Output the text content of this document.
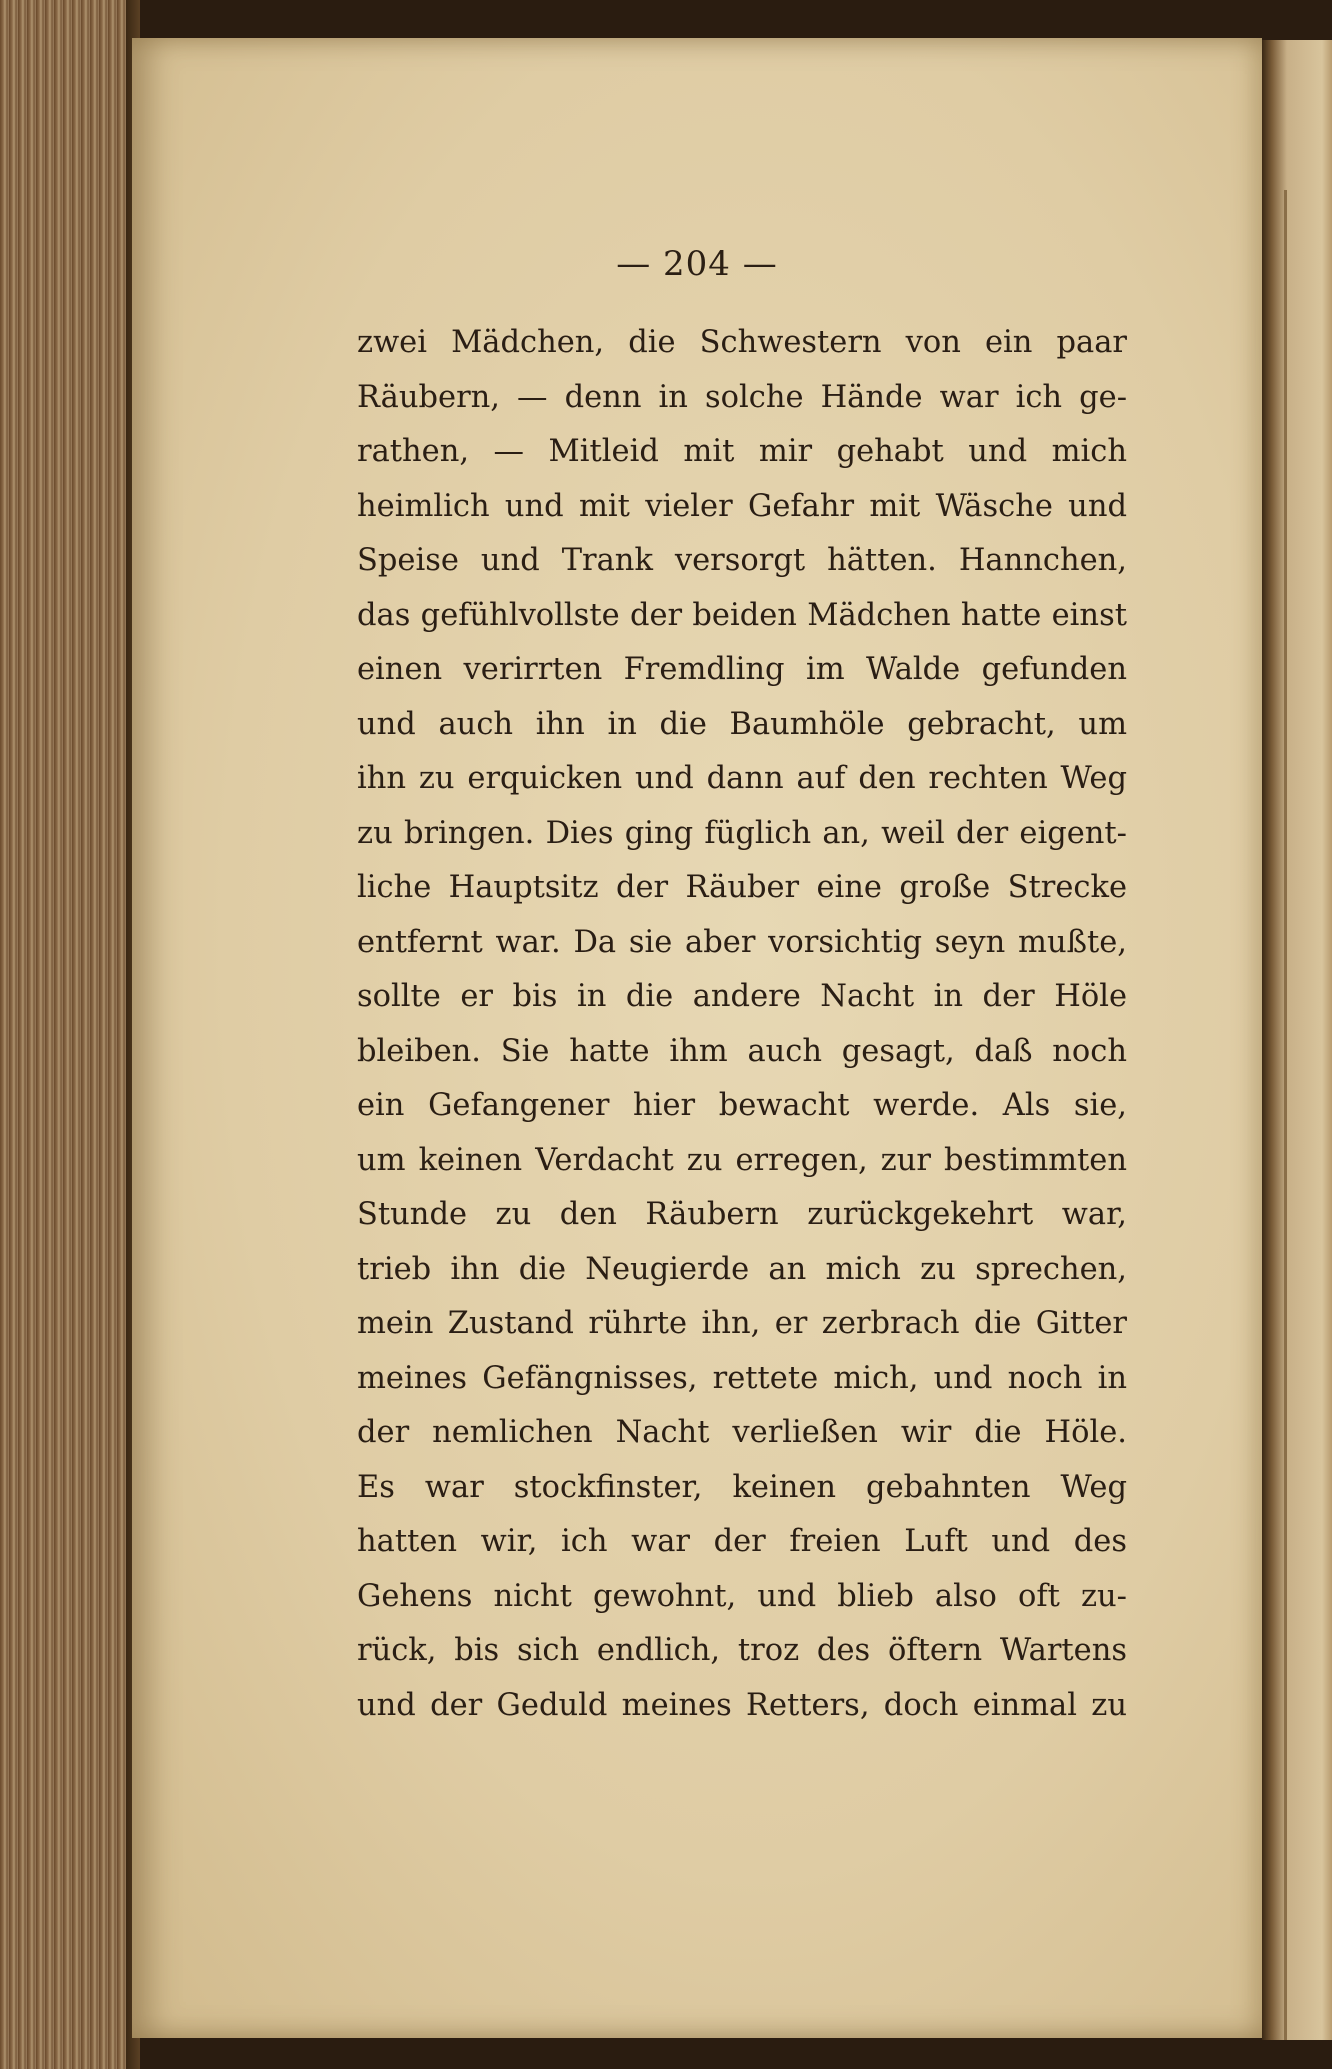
— 204 —
zwei Mädchen, die Schwestern von ein paar
Räubern, — denn in solche Hände war ich ge-
rathen, — Mitleid mit mir gehabt und mich
heimlich und mit vieler Gefahr mit Wäsche und
Speise und Trank versorgt hätten. Hannchen,
das gefühlvollste der beiden Mädchen hatte einst
einen verirrten Fremdling im Walde gefunden
und auch ihn in die Baumhöle gebracht, um
ihn zu erquicken und dann auf den rechten Weg
zu bringen. Dies ging füglich an, weil der eigent-
liche Hauptsitz der Räuber eine große Strecke
entfernt war. Da sie aber vorsichtig seyn mußte,
sollte er bis in die andere Nacht in der Höle
bleiben. Sie hatte ihm auch gesagt, daß noch
ein Gefangener hier bewacht werde. Als sie,
um keinen Verdacht zu erregen, zur bestimmten
Stunde zu den Räubern zurückgekehrt war,
trieb ihn die Neugierde an mich zu sprechen,
mein Zustand rührte ihn, er zerbrach die Gitter
meines Gefängnisses, rettete mich, und noch in
der nemlichen Nacht verließen wir die Höle.
Es war stockfinster, keinen gebahnten Weg
hatten wir, ich war der freien Luft und des
Gehens nicht gewohnt, und blieb also oft zu-
rück, bis sich endlich, troz des öftern Wartens
und der Geduld meines Retters, doch einmal zu
